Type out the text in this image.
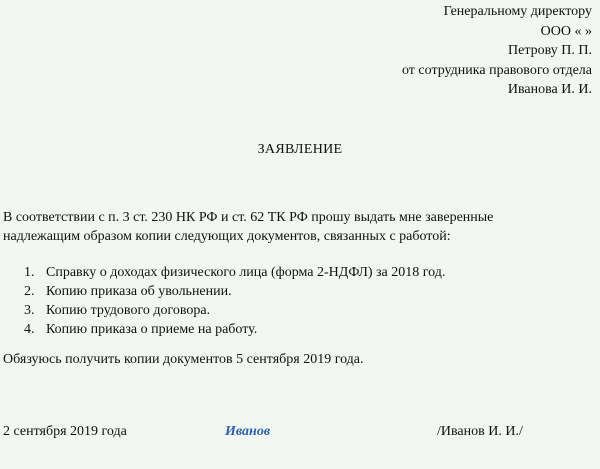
Генеральному директору
ООО « »
Петрову П. П.
от сотрудника правового отдела
Иванова И. И.
ЗАЯВЛЕНИЕ
В соответствии с п. 3 ст. 230 НК РФ и ст. 62 ТК РФ прошу выдать мне заверенные
надлежащим образом копии следующих документов, связанных с работой:
1. Справку о доходах физического лица (форма 2-НДФЛ) за 2018 год.
2. Копию приказа об увольнении.
3. Копию трудового договора.
4. Копию приказа о приеме на работу.
Обязуюсь получить копии документов 5 сентября 2019 года.
2 сентября 2019 года	Иванов	/Иванов И. И./
